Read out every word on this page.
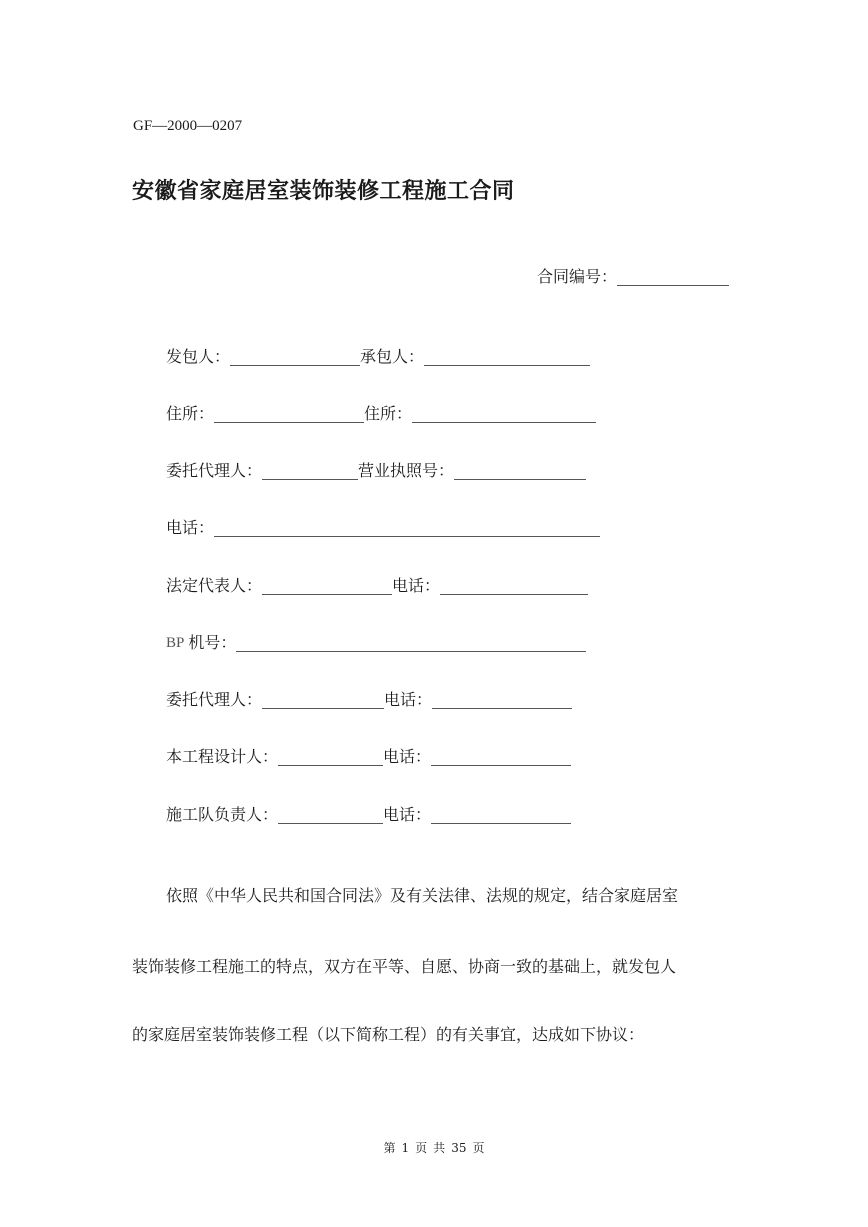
GF—2000—0207
安徽省家庭居室装饰装修工程施工合同
合同编号：
发包人：	承包人：
住所：	住所：
委托代理人：	营业执照号：
电话：
法定代表人：	电话：
BP 机号：
委托代理人：	电话：
本工程设计人：	电话：
施工队负责人：	电话：
依照《中华人民共和国合同法》及有关法律、法规的规定，结合家庭居室
装饰装修工程施工的特点，双方在平等、自愿、协商一致的基础上，就发包人
的家庭居室装饰装修工程（以下简称工程）的有关事宜，达成如下协议：
第 1 页 共 35 页
